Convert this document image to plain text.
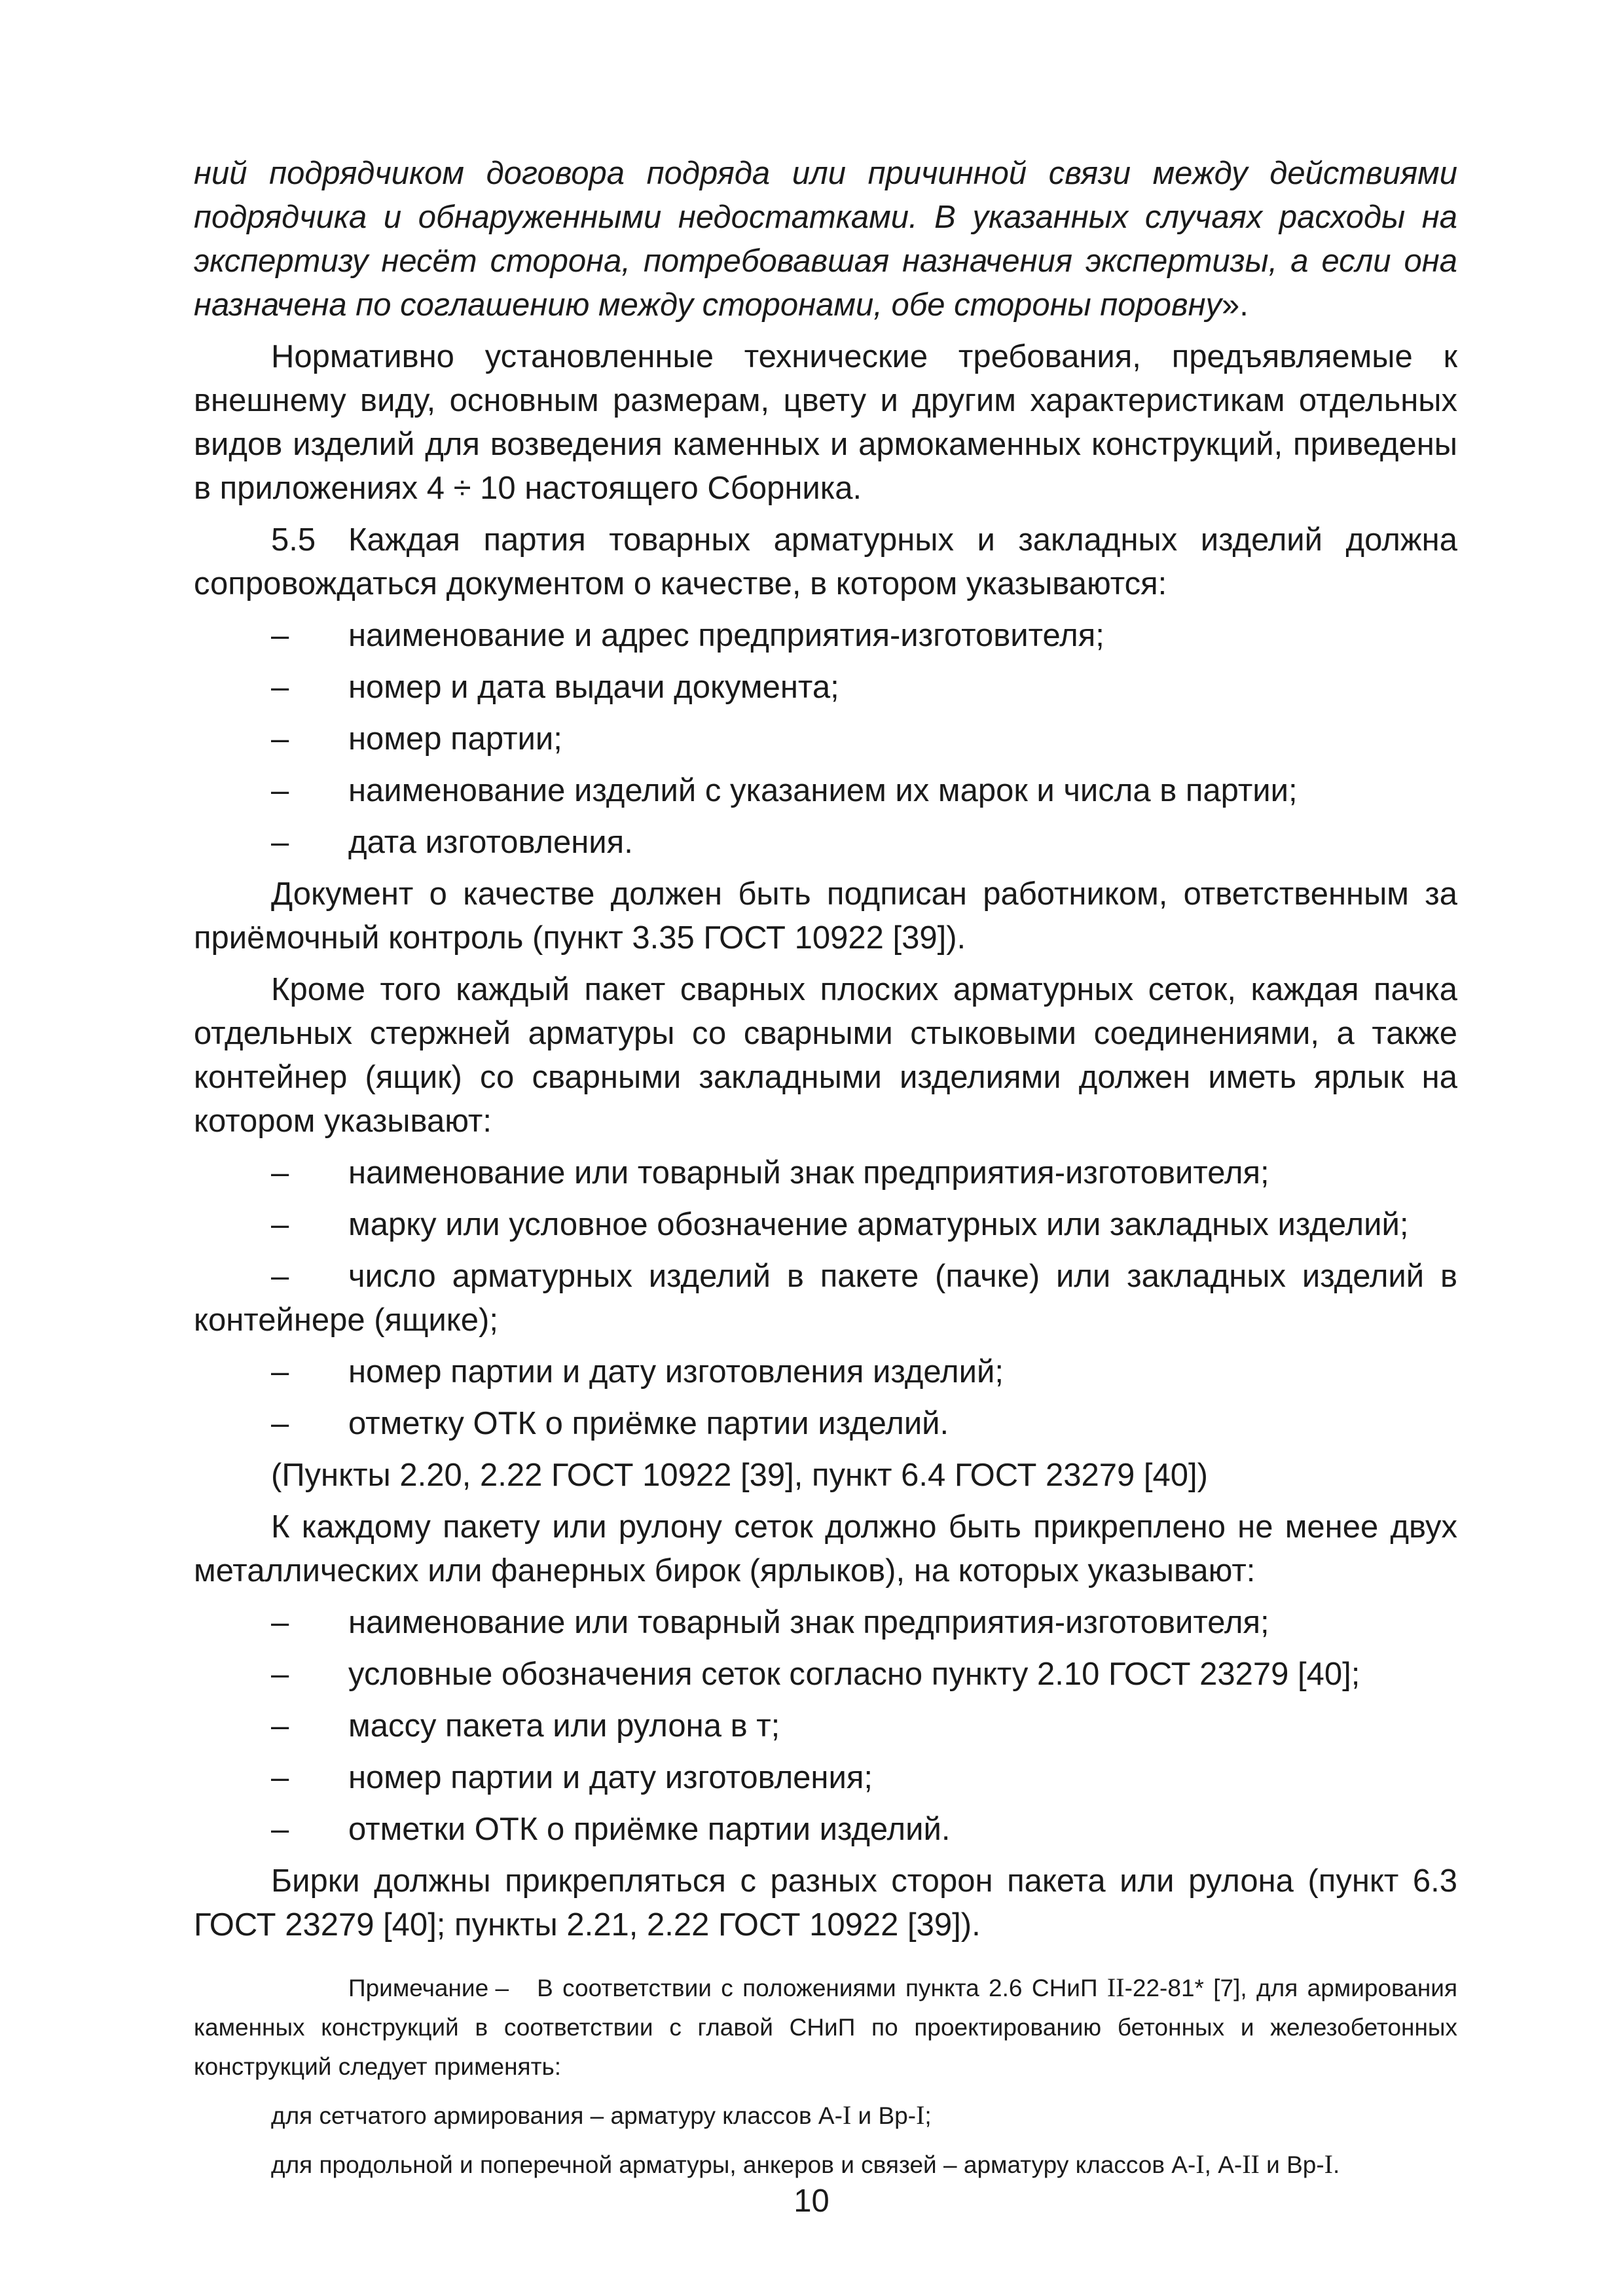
ний подрядчиком договора подряда или причинной связи между действиями подрядчика и обнаруженными недостатками. В указанных случаях расходы на экспертизу несёт сторона, потребовавшая назначения экспертизы, а если она назначена по соглашению между сторонами, обе стороны поровну».

Нормативно установленные технические требования, предъявляемые к внешнему виду, основным размерам, цвету и другим характеристикам отдельных видов изделий для возведения каменных и армокаменных конструкций, приведены в приложениях 4 ÷ 10 настоящего Сборника.

5.5 Каждая партия товарных арматурных и закладных изделий должна сопровождаться документом о качестве, в котором указываются:

– наименование и адрес предприятия-изготовителя;

– номер и дата выдачи документа;

– номер партии;

– наименование изделий с указанием их марок и числа в партии;

– дата изготовления.

Документ о качестве должен быть подписан работником, ответственным за приёмочный контроль (пункт 3.35 ГОСТ 10922 [39]).

Кроме того каждый пакет сварных плоских арматурных сеток, каждая пачка отдельных стержней арматуры со сварными стыковыми соединениями, а также контейнер (ящик) со сварными закладными изделиями должен иметь ярлык на котором указывают:

– наименование или товарный знак предприятия-изготовителя;

– марку или условное обозначение арматурных или закладных изделий;

– число арматурных изделий в пакете (пачке) или закладных изделий в контейнере (ящике);

– номер партии и дату изготовления изделий;

– отметку ОТК о приёмке партии изделий.

(Пункты 2.20, 2.22 ГОСТ 10922 [39], пункт 6.4 ГОСТ 23279 [40])

К каждому пакету или рулону сеток должно быть прикреплено не менее двух металлических или фанерных бирок (ярлыков), на которых указывают:

– наименование или товарный знак предприятия-изготовителя;

– условные обозначения сеток согласно пункту 2.10 ГОСТ 23279 [40];

– массу пакета или рулона в т;

– номер партии и дату изготовления;

– отметки ОТК о приёмке партии изделий.

Бирки должны прикрепляться с разных сторон пакета или рулона (пункт 6.3 ГОСТ 23279 [40]; пункты 2.21, 2.22 ГОСТ 10922 [39]).

Примечание – В соответствии с положениями пункта 2.6 СНиП II-22-81* [7], для армирования каменных конструкций в соответствии с главой СНиП по проектированию бетонных и железобетонных конструкций следует применять:

для сетчатого армирования – арматуру классов А-I и Вр-I;

для продольной и поперечной арматуры, анкеров и связей – арматуру классов А-I, А-II и Вр-I.

10
